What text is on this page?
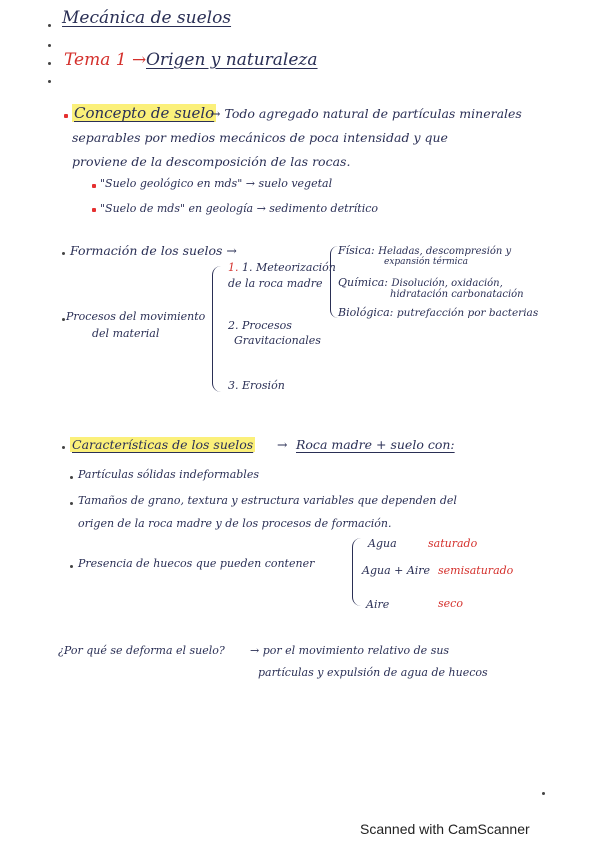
Mecánica de suelos
Tema 1 → Origen y naturaleza
Concepto de suelo
→ Todo agregado natural de partículas minerales
separables por medios mecánicos de poca intensidad y que
proviene de la descomposición de las rocas.
"Suelo geológico en mds" → suelo vegetal
"Suelo de mds" en geología → sedimento detrítico
Formación de los suelos →
Procesos del movimiento
del material
1. 1. Meteorización
de la roca madre
2. Procesos
Gravitacionales
3. Erosión
Física: Heladas, descompresión y
expansión térmica
Química: Disolución, oxidación,
hidratación carbonatación
Biológica: putrefacción por bacterias
Características de los suelos → Roca madre + suelo con:
Partículas sólidas indeformables
Tamaños de grano, textura y estructura variables que dependen del
origen de la roca madre y de los procesos de formación.
Presencia de huecos que pueden contener
Agua	saturado
Agua + Aire semisaturado
Aire	seco
¿Por qué se deforma el suelo? → por el movimiento relativo de sus
partículas y expulsión de agua de huecos
Scanned with CamScanner
